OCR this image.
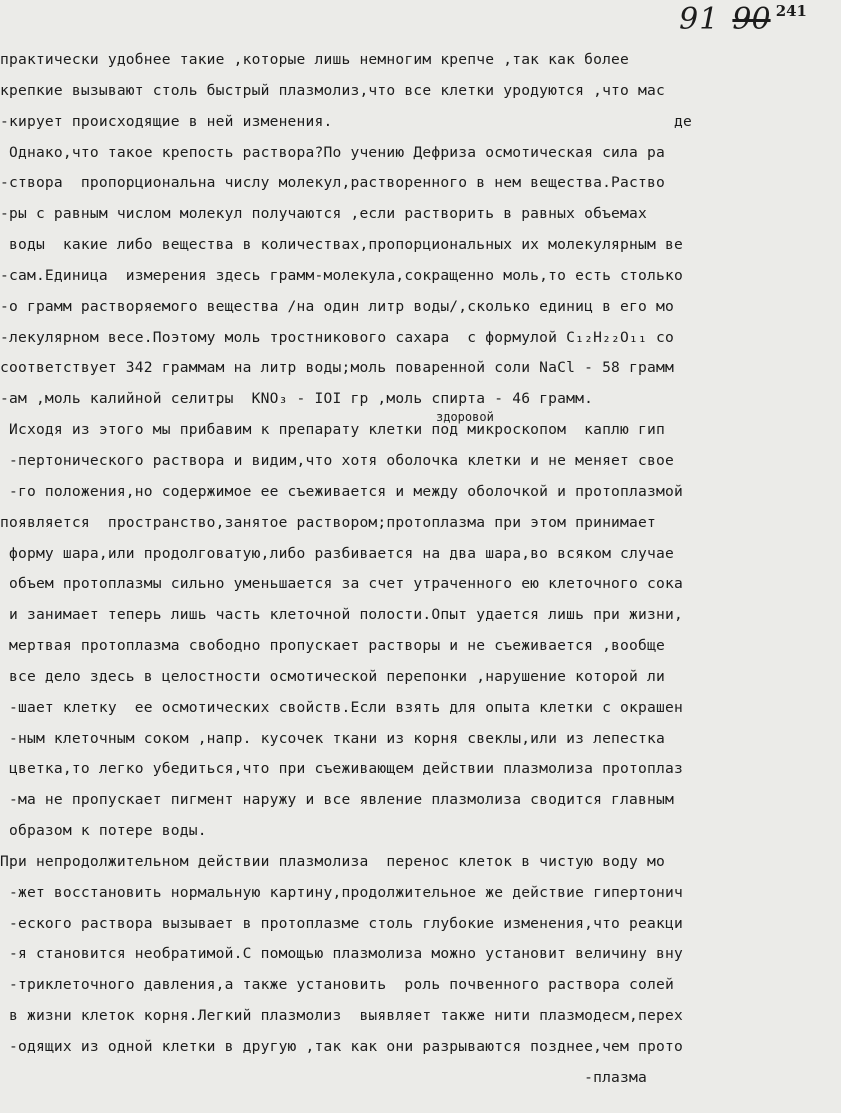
91 90 241
здоровой
практически удобнее такие ,которые лишь немногим крепче ,так как более
крепкие вызывают столь быстрый плазмолиз,что все клетки уродуются ,что мас
-кирует происходящие в ней изменения.                                      де
Однако,что такое крепость раствора?По учению Дефриза осмотическая сила ра
-створа  пропорциональна числу молекул,растворенного в нем вещества.Раство
-ры с равным числом молекул получаются ,если растворить в равных объемах
воды  какие либо вещества в количествах,пропорциональных их молекулярным ве
-сам.Единица  измерения здесь грамм-молекула,сокращенно моль,то есть столько
-о грамм растворяемого вещества /на один литр воды/,сколько единиц в его мо
-лекулярном весе.Поэтому моль тростникового сахара  с формулой C₁₂H₂₂O₁₁ со
соответствует 342 граммам на литр воды;моль поваренной соли NaCl - 58 грамм
-ам ,моль калийной селитры  KNO₃ - IOI гр ,моль спирта - 46 грамм.
Исходя из этого мы прибавим к препарату клетки под микроскопом  каплю гип
-пертонического раствора и видим,что хотя оболочка клетки и не меняет свое
-го положения,но содержимое ее съеживается и между оболочкой и протоплазмой
появляется  пространство,занятое раствором;протоплазма при этом принимает
форму шара,или продолговатую,либо разбивается на два шара,во всяком случае
объем протоплазмы сильно уменьшается за счет утраченного ею клеточного сока
и занимает теперь лишь часть клеточной полости.Опыт удается лишь при жизни,
мертвая протоплазма свободно пропускает растворы и не съеживается ,вообще
все дело здесь в целостности осмотической перепонки ,нарушение которой ли
-шает клетку  ее осмотических свойств.Если взять для опыта клетки с окрашен
-ным клеточным соком ,напр. кусочек ткани из корня свеклы,или из лепестка
цветка,то легко убедиться,что при съеживающем действии плазмолиза протоплаз
-ма не пропускает пигмент наружу и все явление плазмолиза сводится главным
образом к потере воды.
При непродолжительном действии плазмолиза  перенос клеток в чистую воду мо
-жет восстановить нормальную картину,продолжительное же действие гипертонич
-еского раствора вызывает в протоплазме столь глубокие изменения,что реакци
-я становится необратимой.С помощью плазмолиза можно установит величину вну
-триклеточного давления,а также установить  роль почвенного раствора солей
в жизни клеток корня.Легкий плазмолиз  выявляет также нити плазмодесм,перех
-одящих из одной клетки в другую ,так как они разрываются позднее,чем прото
-плазма
